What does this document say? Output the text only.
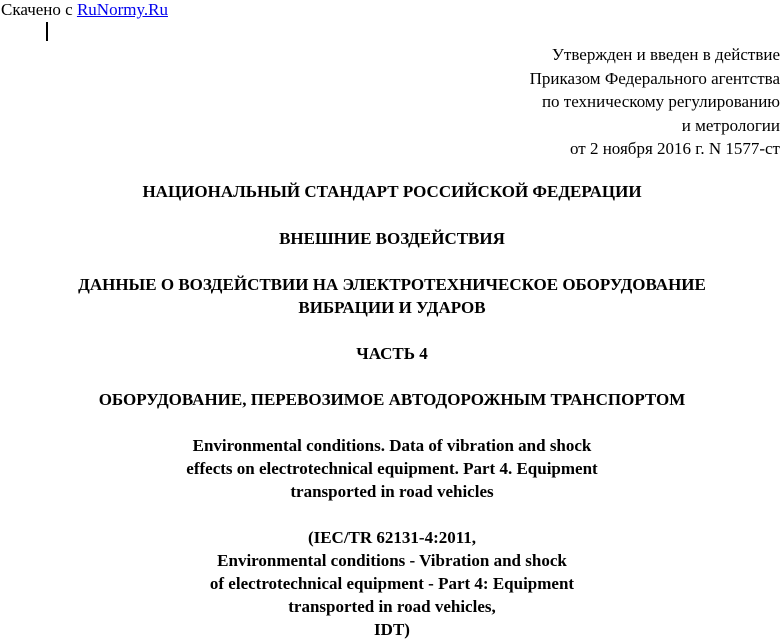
Скачено с RuNormy.Ru
Утвержден и введен в действие
Приказом Федерального агентства
по техническому регулированию
и метрологии
от 2 ноября 2016 г. N 1577-ст
НАЦИОНАЛЬНЫЙ СТАНДАРТ РОССИЙСКОЙ ФЕДЕРАЦИИ
ВНЕШНИЕ ВОЗДЕЙСТВИЯ
ДАННЫЕ О ВОЗДЕЙСТВИИ НА ЭЛЕКТРОТЕХНИЧЕСКОЕ ОБОРУДОВАНИЕ
ВИБРАЦИИ И УДАРОВ
ЧАСТЬ 4
ОБОРУДОВАНИЕ, ПЕРЕВОЗИМОЕ АВТОДОРОЖНЫМ ТРАНСПОРТОМ
Environmental conditions. Data of vibration and shock
effects on electrotechnical equipment. Part 4. Equipment
transported in road vehicles
(IEC/TR 62131-4:2011,
Environmental conditions - Vibration and shock
of electrotechnical equipment - Part 4: Equipment
transported in road vehicles,
IDT)
